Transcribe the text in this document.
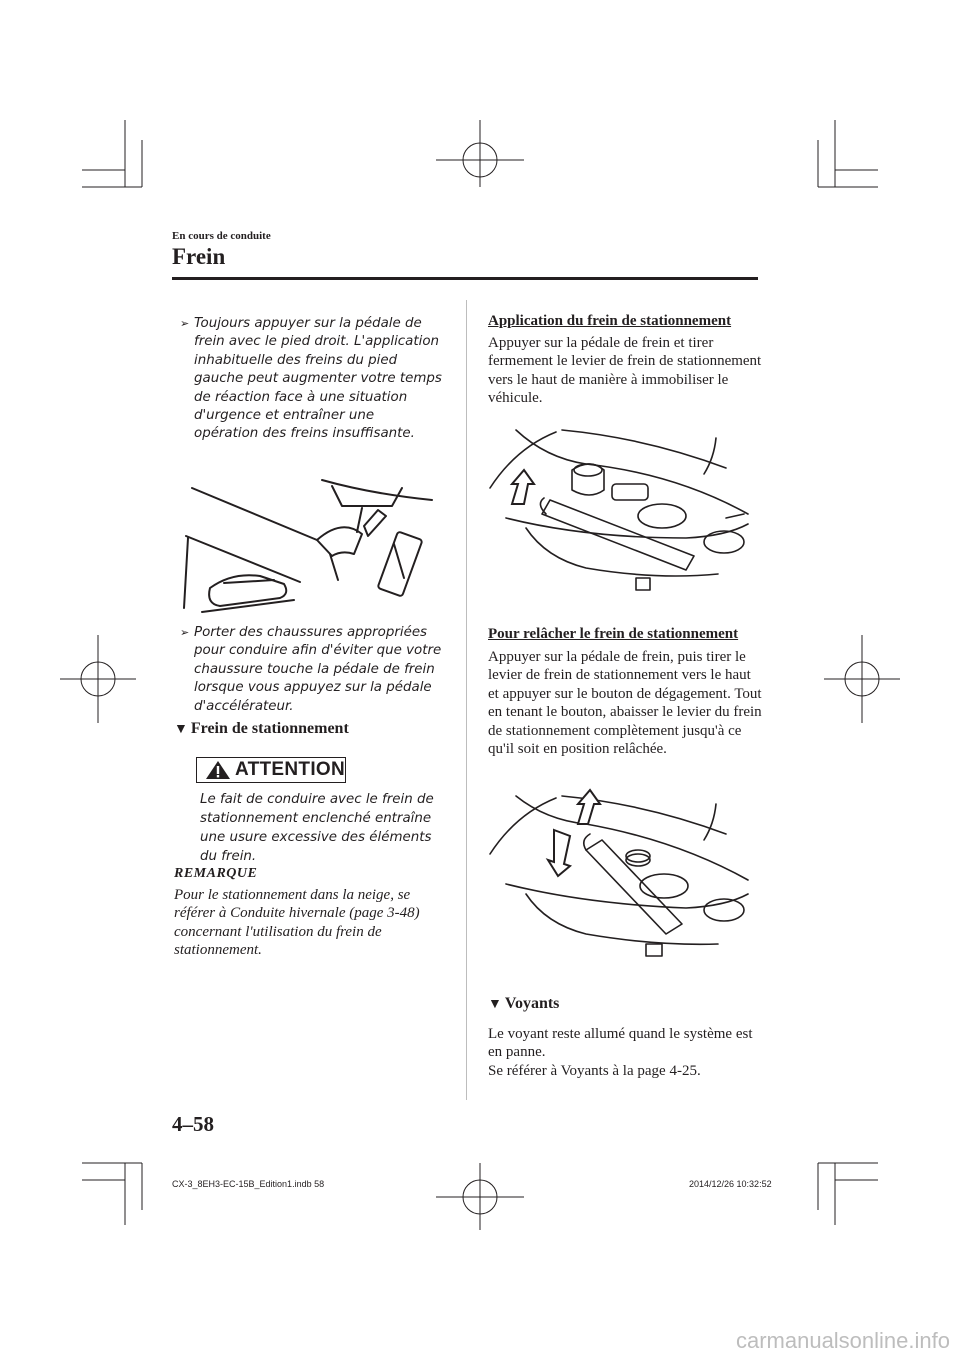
En cours de conduite
Frein
➢ Toujours appuyer sur la pédale de frein avec le pied droit. L'application inhabituelle des freins du pied gauche peut augmenter votre temps de réaction face à une situation d'urgence et entraîner une opération des freins insuffisante.
➢ Porter des chaussures appropriées pour conduire afin d'éviter que votre chaussure touche la pédale de frein lorsque vous appuyez sur la pédale d'accélérateur.
▼ Frein de stationnement
ATTENTION
Le fait de conduire avec le frein de stationnement enclenché entraîne une usure excessive des éléments du frein.
REMARQUE
Pour le stationnement dans la neige, se référer à Conduite hivernale (page 3-48) concernant l'utilisation du frein de stationnement.
Application du frein de stationnement
Appuyer sur la pédale de frein et tirer fermement le levier de frein de stationnement vers le haut de manière à immobiliser le véhicule.
Pour relâcher le frein de stationnement
Appuyer sur la pédale de frein, puis tirer le levier de frein de stationnement vers le haut et appuyer sur le bouton de dégagement. Tout en tenant le bouton, abaisser le levier du frein de stationnement complètement jusqu'à ce qu'il soit en position relâchée.
▼ Voyants
Le voyant reste allumé quand le système est en panne.
Se référer à Voyants à la page 4-25.
4–58
CX-3_8EH3-EC-15B_Edition1.indb 58	2014/12/26 10:32:52
carmanualsonline.info
